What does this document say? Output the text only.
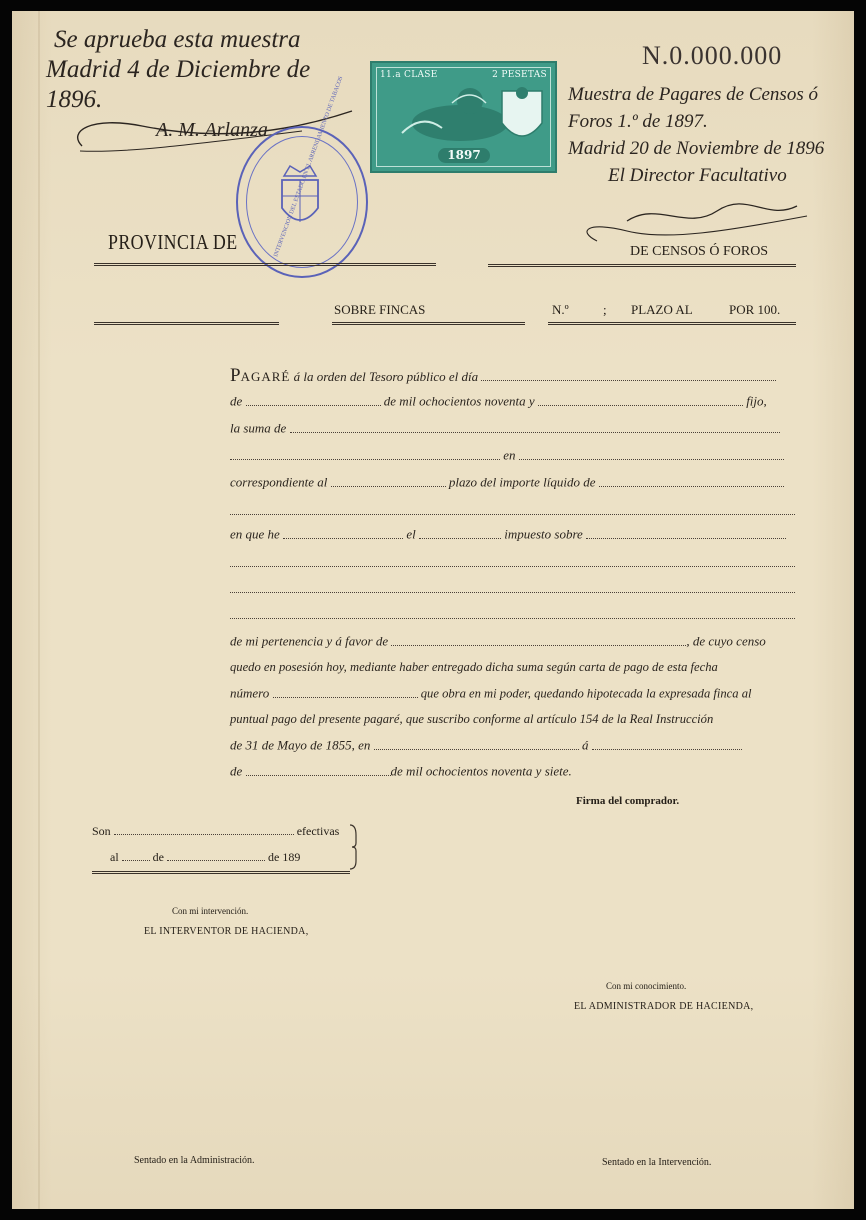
Se aprueba esta muestra
Madrid 4 de Diciembre de 1896.
A. M. Arlanza
11.a CLASE	2 PESETAS
1897
N.0.000.000
Muestra de Pagares de Censos ó
Foros 1.º de 1897.
Madrid 20 de Noviembre de 1896
El Director Facultativo
INTERVENCION DEL ESTADO EN EL ARRENDAMIENTO DE TABACOS
PROVINCIA DE	DE CENSOS Ó FOROS
SOBRE FINCAS	N.º	; PLAZO AL	POR 100.
PAGARÉ á la orden del Tesoro público el día
de	de mil ochocientos noventa y	fijo,
la suma de
en
correspondiente al	plazo del importe líquido de
en que he	el	impuesto sobre
de mi pertenencia y á favor de	, de cuyo censo
quedo en posesión hoy, mediante haber entregado dicha suma según carta de pago de esta fecha
número	que obra en mi poder, quedando hipotecada la expresada finca al
puntual pago del presente pagaré, que suscribo conforme al artículo 154 de la Real Instrucción
de 31 de Mayo de 1855, en	á
de	de mil ochocientos noventa y siete.
Firma del comprador.
Son	efectivas
al	de	de 189
Con mi intervención.
EL INTERVENTOR DE HACIENDA,
Con mi conocimiento.
EL ADMINISTRADOR DE HACIENDA,
Sentado en la Administración.	Sentado en la Intervención.
